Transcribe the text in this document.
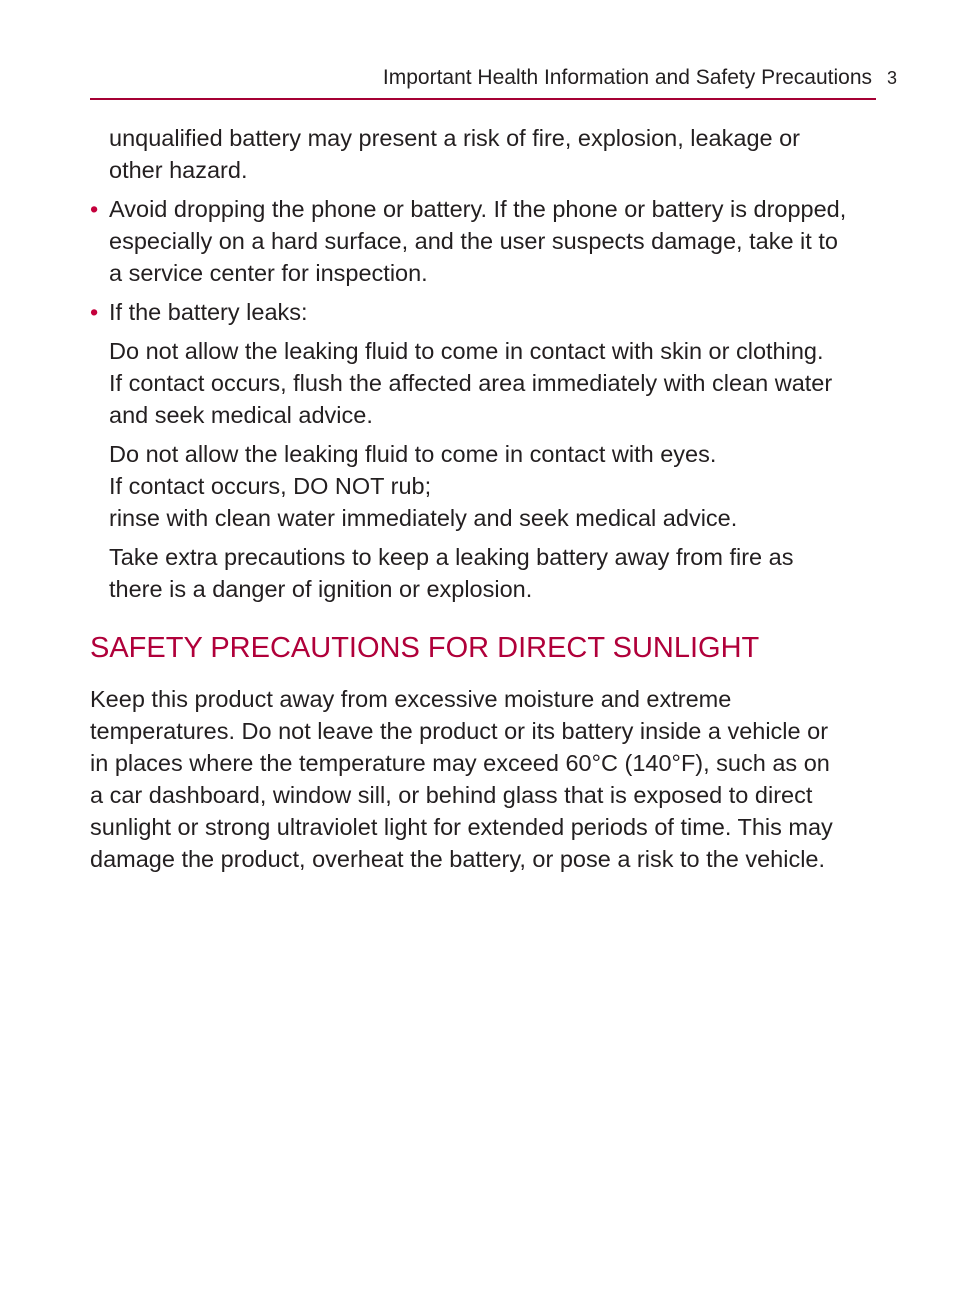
Important Health Information and Safety Precautions 3

unqualified battery may present a risk of fire, explosion, leakage or
other hazard.

• Avoid dropping the phone or battery. If the phone or battery is dropped,
especially on a hard surface, and the user suspects damage, take it to
a service center for inspection.
• If the battery leaks:

Do not allow the leaking fluid to come in contact with skin or clothing.
If contact occurs, flush the affected area immediately with clean water
and seek medical advice.

Do not allow the leaking fluid to come in contact with eyes.
If contact occurs, DO NOT rub;
rinse with clean water immediately and seek medical advice.

Take extra precautions to keep a leaking battery away from fire as
there is a danger of ignition or explosion.

SAFETY PRECAUTIONS FOR DIRECT SUNLIGHT

Keep this product away from excessive moisture and extreme
temperatures. Do not leave the product or its battery inside a vehicle or
in places where the temperature may exceed 60°C (140°F), such as on
a car dashboard, window sill, or behind glass that is exposed to direct
sunlight or strong ultraviolet light for extended periods of time. This may
damage the product, overheat the battery, or pose a risk to the vehicle.
